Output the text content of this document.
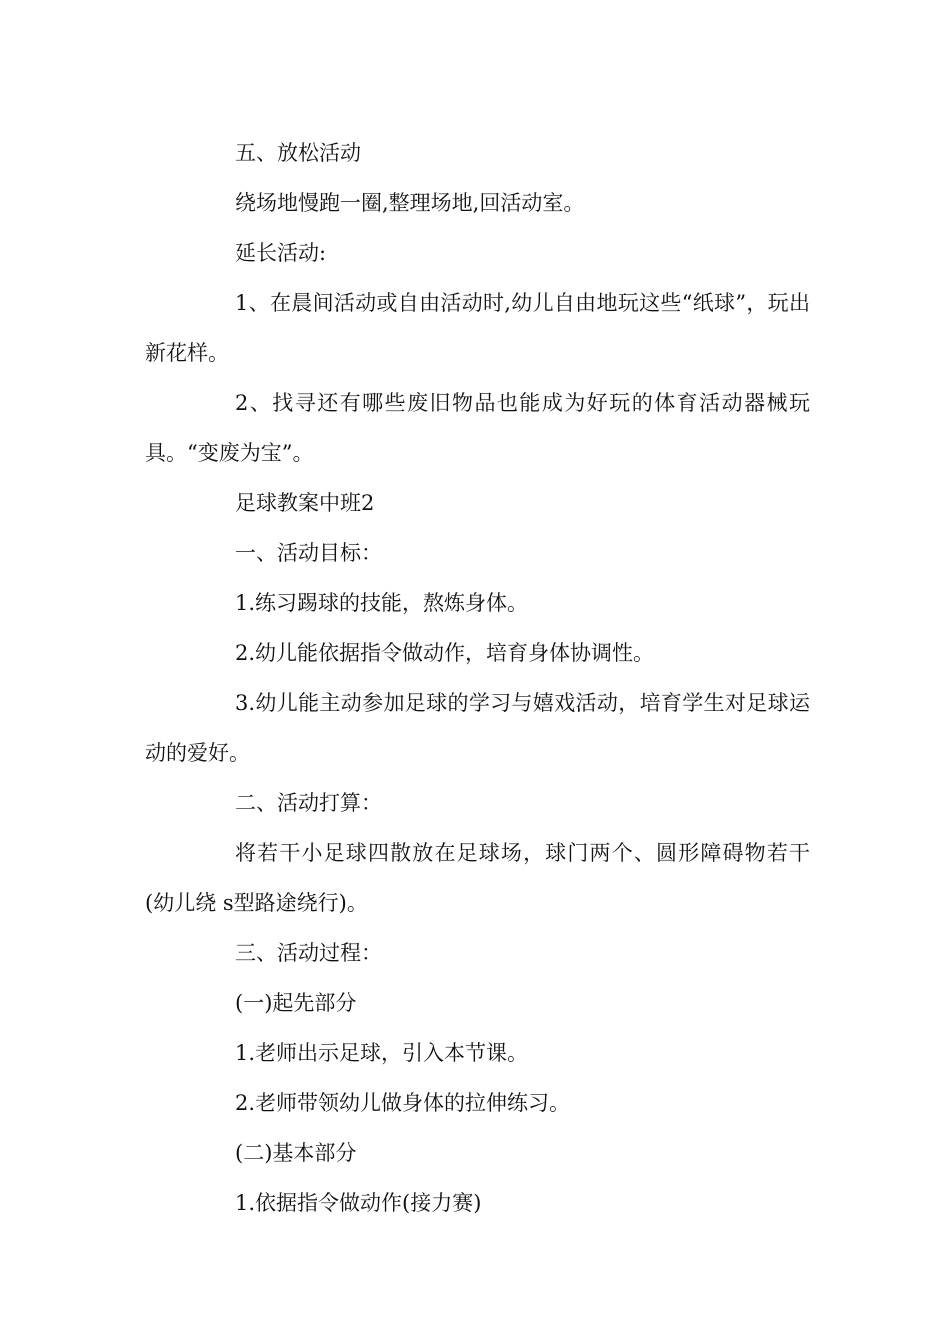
五、放松活动

绕场地慢跑一圈,整理场地,回活动室。

延长活动:

1、在晨间活动或自由活动时,幼儿自由地玩这些“纸球”，玩出新花样。

2、找寻还有哪些废旧物品也能成为好玩的体育活动器械玩具。“变废为宝”。

足球教案中班2

一、活动目标：

1.练习踢球的技能，熬炼身体。

2.幼儿能依据指令做动作，培育身体协调性。

3.幼儿能主动参加足球的学习与嬉戏活动，培育学生对足球运动的爱好。

二、活动打算：

将若干小足球四散放在足球场，球门两个、圆形障碍物若干(幼儿绕 s型路途绕行)。

三、活动过程：

(一)起先部分

1.老师出示足球，引入本节课。

2.老师带领幼儿做身体的拉伸练习。

(二)基本部分

1.依据指令做动作(接力赛)
